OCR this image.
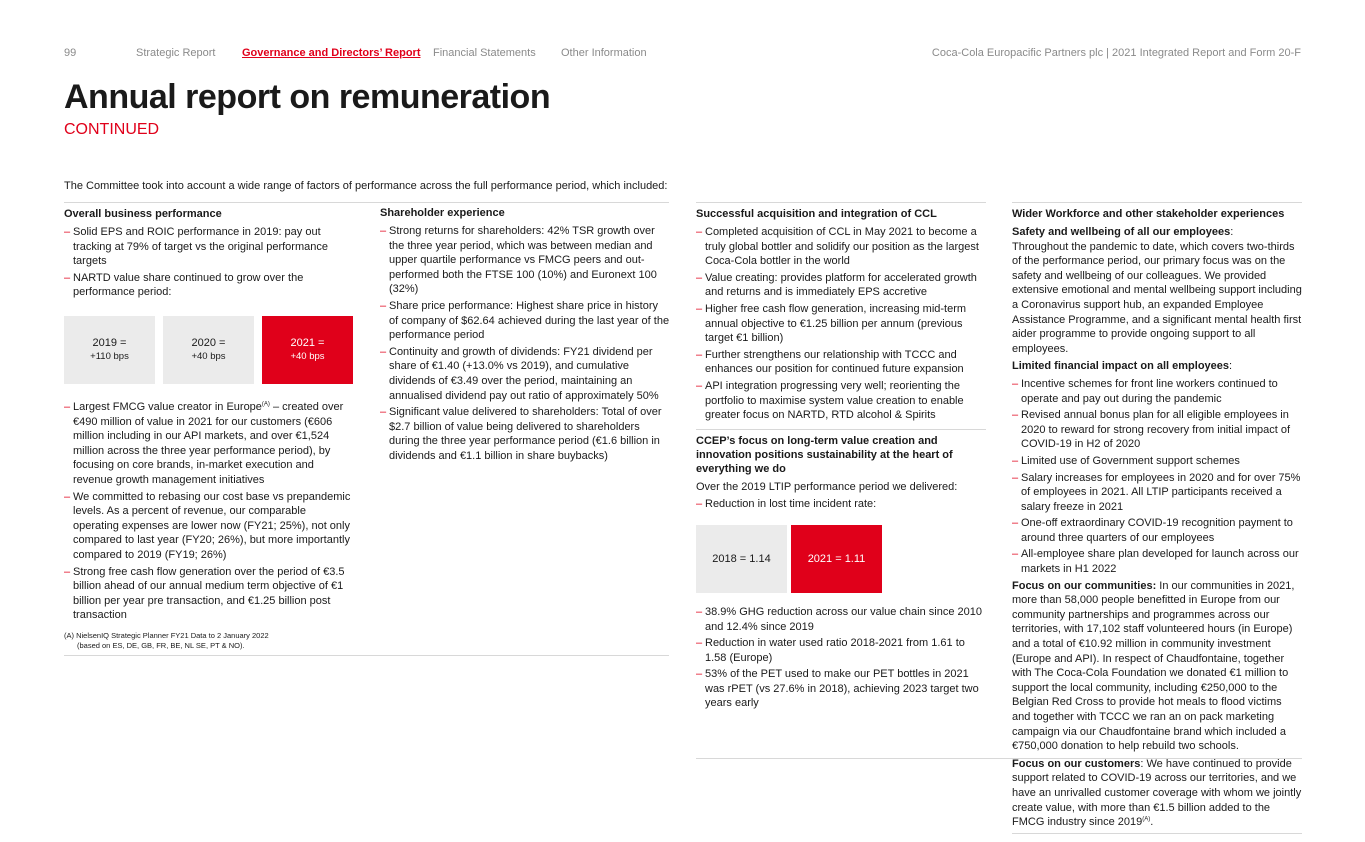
99	Strategic Report Governance and Directors’ Report Financial Statements Other Information	Coca-Cola Europacific Partners plc | 2021 Integrated Report and Form 20-F
Annual report on remuneration
CONTINUED
The Committee took into account a wide range of factors of performance across the full performance period, which included:
Overall business performance
– Solid EPS and ROIC performance in 2019: pay out tracking at 79% of target vs the original performance targets
– NARTD value share continued to grow over the performance period:
2019 =
+110 bps
2020 =
+40 bps
2021 =
+40 bps
– Largest FMCG value creator in Europe$^{(A)}$ – created over €490 million of value in 2021 for our customers (€606 million including in our API markets, and over €1,524 million across the three year performance period), by focusing on core brands, in-market execution and revenue growth management initiatives
– We committed to rebasing our cost base vs prepandemic levels. As a percent of revenue, our comparable operating expenses are lower now (FY21; 25%), not only compared to last year (FY20; 26%), but more importantly compared to 2019 (FY19; 26%)
– Strong free cash flow generation over the period of €3.5 billion ahead of our annual medium term objective of €1 billion per year pre transaction, and €1.25 billion post transaction
(A) NielsenIQ Strategic Planner FY21 Data to 2 January 2022
(based on ES, DE, GB, FR, BE, NL SE, PT & NO).
Shareholder experience
– Strong returns for shareholders: 42% TSR growth over the three year period, which was between median and upper quartile performance vs FMCG peers and out-performed both the FTSE 100 (10%) and Euronext 100 (32%)
– Share price performance: Highest share price in history of company of $62.64 achieved during the last year of the performance period
– Continuity and growth of dividends: FY21 dividend per share of €1.40 (+13.0% vs 2019), and cumulative dividends of €3.49 over the period, maintaining an annualised dividend pay out ratio of approximately 50%
– Significant value delivered to shareholders: Total of over $2.7 billion of value being delivered to shareholders during the three year performance period (€1.6 billion in dividends and €1.1 billion in share buybacks)
Successful acquisition and integration of CCL
– Completed acquisition of CCL in May 2021 to become a truly global bottler and solidify our position as the largest Coca-Cola bottler in the world
– Value creating: provides platform for accelerated growth and returns and is immediately EPS accretive
– Higher free cash flow generation, increasing mid-term annual objective to €1.25 billion per annum (previous target €1 billion)
– Further strengthens our relationship with TCCC and enhances our position for continued future expansion
– API integration progressing very well; reorienting the portfolio to maximise system value creation to enable greater focus on NARTD, RTD alcohol & Spirits
CCEP’s focus on long-term value creation and innovation positions sustainability at the heart of everything we do
Over the 2019 LTIP performance period we delivered:
– Reduction in lost time incident rate:
2018 = 1.14	2021 = 1.11
– 38.9% GHG reduction across our value chain since 2010 and 12.4% since 2019
– Reduction in water used ratio 2018-2021 from 1.61 to 1.58 (Europe)
– 53% of the PET used to make our PET bottles in 2021 was rPET (vs 27.6% in 2018), achieving 2023 target two years early
Wider Workforce and other stakeholder experiences
Safety and wellbeing of all our employees:
Throughout the pandemic to date, which covers two-thirds of the performance period, our primary focus was on the safety and wellbeing of our colleagues. We provided extensive emotional and mental wellbeing support including a Coronavirus support hub, an expanded Employee Assistance Programme, and a significant mental health first aider programme to provide ongoing support to all employees.
Limited financial impact on all employees:
– Incentive schemes for front line workers continued to operate and pay out during the pandemic
– Revised annual bonus plan for all eligible employees in 2020 to reward for strong recovery from initial impact of COVID-19 in H2 of 2020
– Limited use of Government support schemes
– Salary increases for employees in 2020 and for over 75% of employees in 2021. All LTIP participants received a salary freeze in 2021
– One-off extraordinary COVID-19 recognition payment to around three quarters of our employees
– All-employee share plan developed for launch across our markets in H1 2022
Focus on our communities: In our communities in 2021, more than 58,000 people benefitted in Europe from our community partnerships and programmes across our territories, with 17,102 staff volunteered hours (in Europe) and a total of €10.92 million in community investment (Europe and API). In respect of Chaudfontaine, together with The Coca-Cola Foundation we donated €1 million to support the local community, including €250,000 to the Belgian Red Cross to provide hot meals to flood victims and together with TCCC we ran an on pack marketing campaign via our Chaudfontaine brand which included a €750,000 donation to help rebuild two schools.
Focus on our customers: We have continued to provide support related to COVID-19 across our territories, and we have an unrivalled customer coverage with whom we jointly create value, with more than €1.5 billion added to the FMCG industry since $2019^{(A)}$.
